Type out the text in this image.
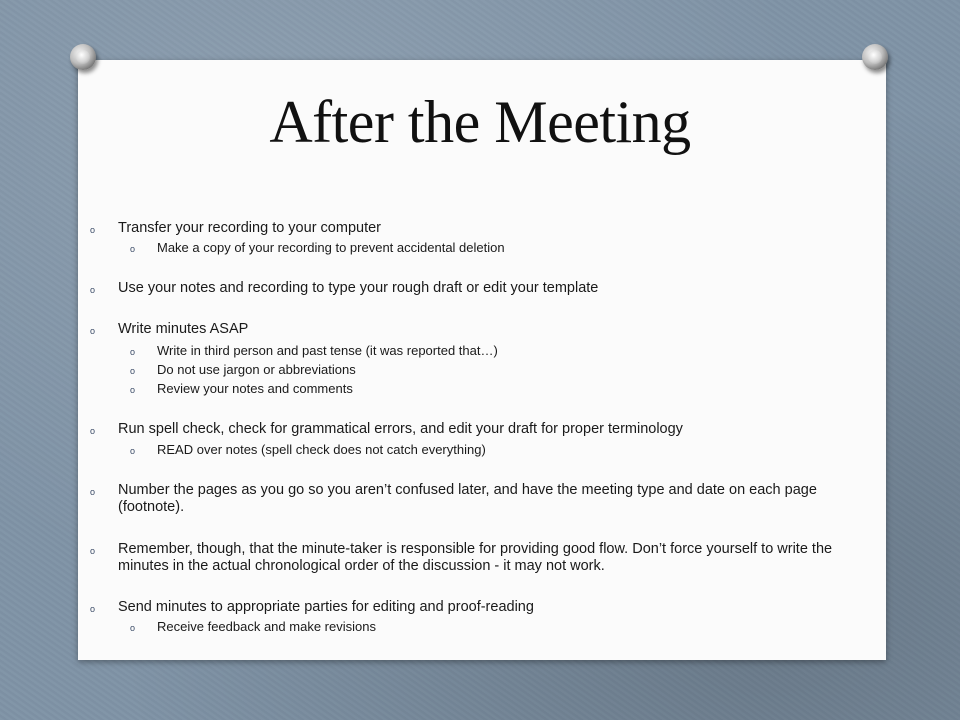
After the Meeting
o Transfer your recording to your computer
o Make a copy of your recording to prevent accidental deletion
o Use your notes and recording to type your rough draft or edit your template
o Write minutes ASAP
o Write in third person and past tense (it was reported that…)
o Do not use jargon or abbreviations
o Review your notes and comments
o Run spell check, check for grammatical errors, and edit your draft for proper terminology
o READ over notes (spell check does not catch everything)
o Number the pages as you go so you aren’t confused later, and have the meeting type and date on each page (footnote).
o Remember, though, that the minute-taker is responsible for providing good flow. Don’t force yourself to write the minutes in the actual chronological order of the discussion - it may not work.
o Send minutes to appropriate parties for editing and proof-reading
o Receive feedback and make revisions
